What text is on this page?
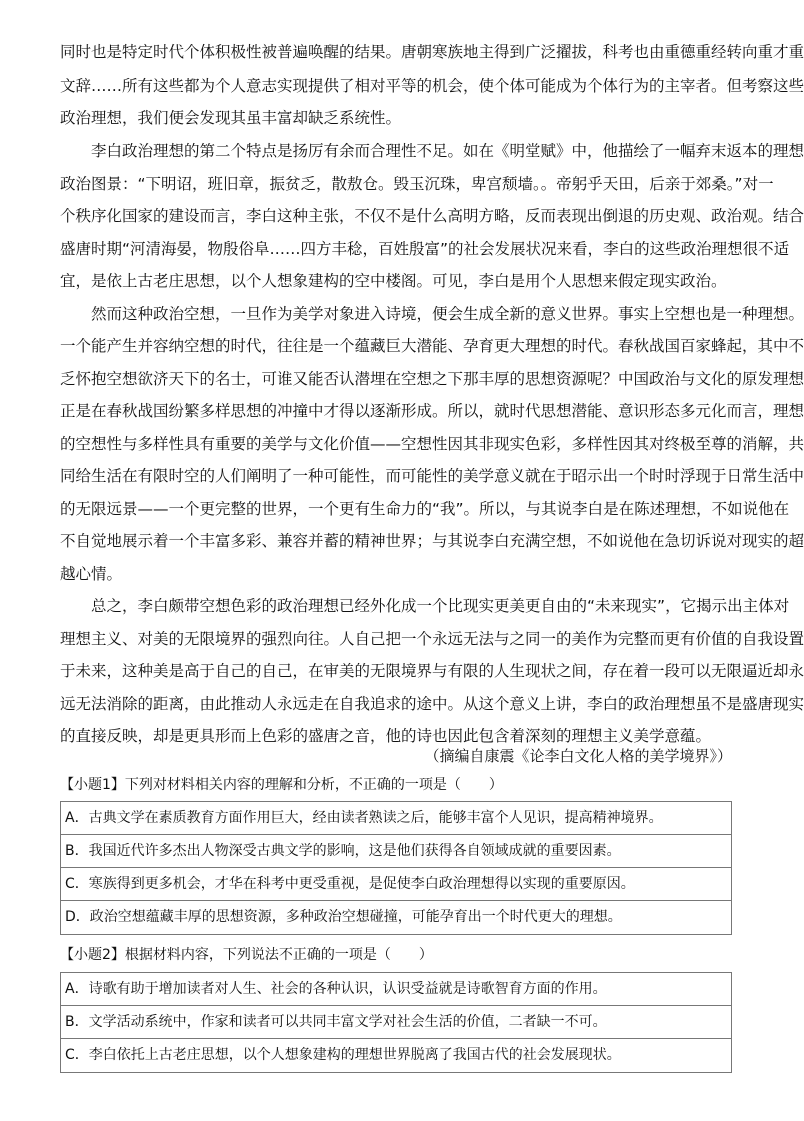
同时也是特定时代个体积极性被普遍唤醒的结果。唐朝寒族地主得到广泛擢拔，科考也由重德重经转向重才重
文辞……所有这些都为个人意志实现提供了相对平等的机会，使个体可能成为个体行为的主宰者。但考察这些
政治理想，我们便会发现其虽丰富却缺乏系统性。
李白政治理想的第二个特点是扬厉有余而合理性不足。如在《明堂赋》中，他描绘了一幅弃末返本的理想
政治图景：“下明诏，班旧章，振贫乏，散敖仓。毁玉沉珠，卑宫颓墙。。帝躬乎天田，后亲于郊桑。”对一
个秩序化国家的建设而言，李白这种主张，不仅不是什么高明方略，反而表现出倒退的历史观、政治观。结合
盛唐时期“河清海晏，物殷俗阜……四方丰稔，百姓殷富”的社会发展状况来看，李白的这些政治理想很不适
宜，是依上古老庄思想，以个人想象建构的空中楼阁。可见，李白是用个人思想来假定现实政治。
然而这种政治空想，一旦作为美学对象进入诗境，便会生成全新的意义世界。事实上空想也是一种理想。
一个能产生并容纳空想的时代，往往是一个蕴藏巨大潜能、孕育更大理想的时代。春秋战国百家蜂起，其中不
乏怀抱空想欲济天下的名士，可谁又能否认潜埋在空想之下那丰厚的思想资源呢？中国政治与文化的原发理想
正是在春秋战国纷繁多样思想的冲撞中才得以逐渐形成。所以，就时代思想潜能、意识形态多元化而言，理想
的空想性与多样性具有重要的美学与文化价值——空想性因其非现实色彩，多样性因其对终极至尊的消解，共
同给生活在有限时空的人们阐明了一种可能性，而可能性的美学意义就在于昭示出一个时时浮现于日常生活中
的无限远景——一个更完整的世界，一个更有生命力的“我”。所以，与其说李白是在陈述理想，不如说他在
不自觉地展示着一个丰富多彩、兼容并蓄的精神世界；与其说李白充满空想，不如说他在急切诉说对现实的超
越心情。
总之，李白颇带空想色彩的政治理想已经外化成一个比现实更美更自由的“未来现实”，它揭示出主体对
理想主义、对美的无限境界的强烈向往。人自己把一个永远无法与之同一的美作为完整而更有价值的自我设置
于未来，这种美是高于自己的自己，在审美的无限境界与有限的人生现状之间，存在着一段可以无限逼近却永
远无法消除的距离，由此推动人永远走在自我追求的途中。从这个意义上讲，李白的政治理想虽不是盛唐现实
的直接反映，却是更具形而上色彩的盛唐之音，他的诗也因此包含着深刻的理想主义美学意蕴。
（摘编自康震《论李白文化人格的美学境界》）
【小题1】下列对材料相关内容的理解和分析，不正确的一项是（　　）
A．古典文学在素质教育方面作用巨大，经由读者熟读之后，能够丰富个人见识，提高精神境界。
B．我国近代许多杰出人物深受古典文学的影响，这是他们获得各自领域成就的重要因素。
C．寒族得到更多机会，才华在科考中更受重视，是促使李白政治理想得以实现的重要原因。
D．政治空想蕴藏丰厚的思想资源，多种政治空想碰撞，可能孕育出一个时代更大的理想。
【小题2】根据材料内容，下列说法不正确的一项是（　　）
A．诗歌有助于增加读者对人生、社会的各种认识，认识受益就是诗歌智育方面的作用。
B．文学活动系统中，作家和读者可以共同丰富文学对社会生活的价值，二者缺一不可。
C．李白依托上古老庄思想，以个人想象建构的理想世界脱离了我国古代的社会发展现状。
